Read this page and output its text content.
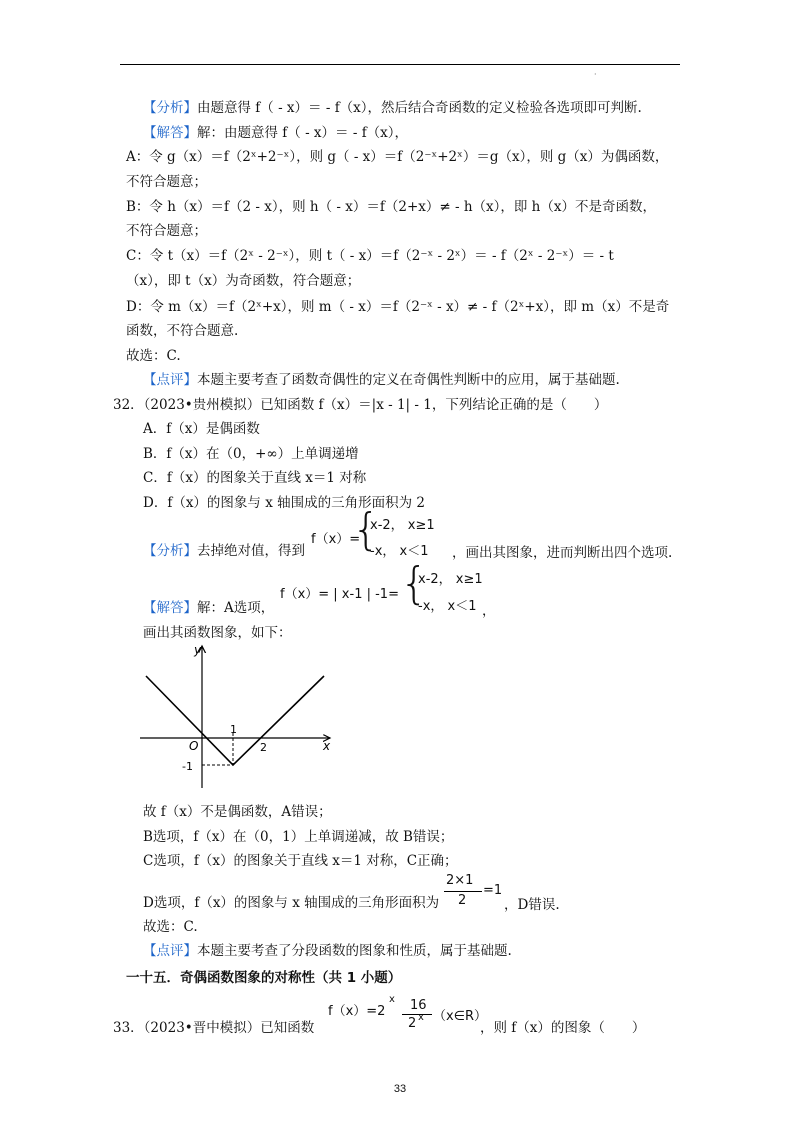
·
【分析】由题意得 f（ - x）＝ - f（x），然后结合奇函数的定义检验各选项即可判断.
【解答】解：由题意得 f（ - x）＝ - f（x），
A：令 g（x）＝f（2ˣ+2⁻ˣ），则 g（ - x）＝f（2⁻ˣ+2ˣ）＝g（x），则 g（x）为偶函数，
不符合题意；
B：令 h（x）＝f（2 - x），则 h（ - x）＝f（2+x）≠ - h（x），即 h（x）不是奇函数，
不符合题意；
C：令 t（x）＝f（2ˣ - 2⁻ˣ），则 t（ - x）＝f（2⁻ˣ - 2ˣ）＝ - f（2ˣ - 2⁻ˣ）＝ - t
（x），即 t（x）为奇函数，符合题意；
D：令 m（x）＝f（2ˣ+x），则 m（ - x）＝f（2⁻ˣ - x）≠ - f（2ˣ+x），即 m（x）不是奇
函数，不符合题意.
故选：C.
【点评】本题主要考查了函数奇偶性的定义在奇偶性判断中的应用，属于基础题.
32．（2023•贵州模拟）已知函数 f（x）＝|x - 1| - 1，下列结论正确的是（　　）
A．f（x）是偶函数
B．f（x）在（0，+∞）上单调递增
C．f（x）的图象关于直线 x＝1 对称
D．f（x）的图象与 x 轴围成的三角形面积为 2
【分析】去掉绝对值，得到
f（x）=
{
x-2， x≥1
-x， x＜1 ，画出其图象，进而判断出四个选项.
【解答】解：A选项，
f（x）= | x-1 | -1= {
x-2， x≥1
-x， x＜1 ，
画出其函数图象，如下：
y
x
O
1
2
-1
故 f（x）不是偶函数，A错误；
B选项，f（x）在（0，1）上单调递减，故 B错误；
C选项，f（x）的图象关于直线 x＝1 对称，C正确；
D选项，f（x）的图象与 x 轴围成的三角形面积为
2×1
2
=1
，D错误.
故选：C.
【点评】本题主要考查了分段函数的图象和性质，属于基础题.
一十五．奇偶函数图象的对称性（共 1 小题）
33．（2023•晋中模拟）已知函数
f（x）=2
x 16
2 x （x∈R）
，则 f（x）的图象（　　）
33
